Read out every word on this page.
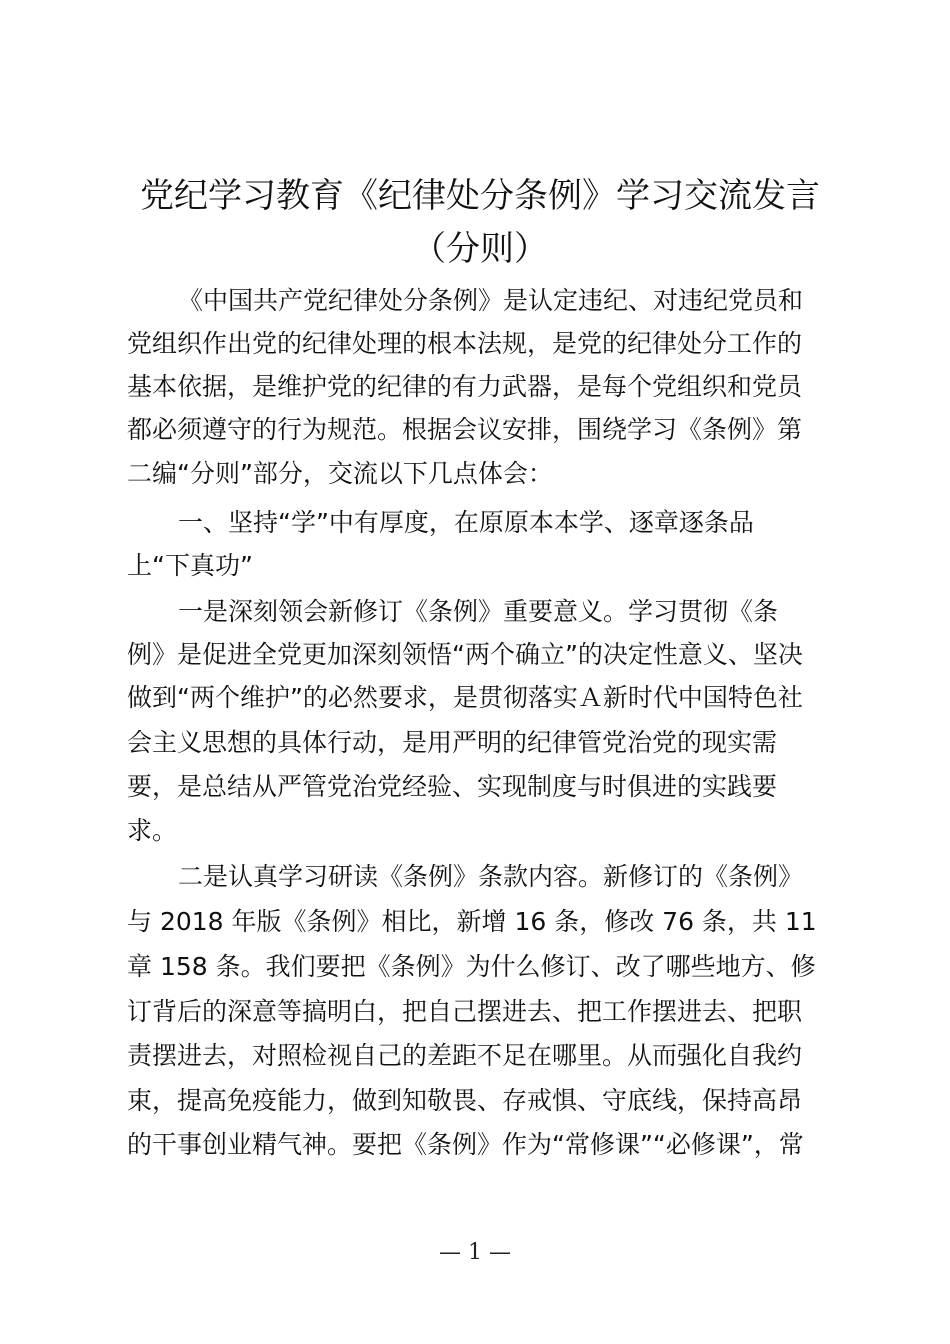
党纪学习教育《纪律处分条例》学习交流发言
（分则）

《中国共产党纪律处分条例》是认定违纪、对违纪党员和

党组织作出党的纪律处理的根本法规，是党的纪律处分工作的

基本依据，是维护党的纪律的有力武器，是每个党组织和党员

都必须遵守的行为规范。根据会议安排，围绕学习《条例》第

二编“分则”部分，交流以下几点体会：

一、坚持“学”中有厚度，在原原本本学、逐章逐条品

上“下真功”

一是深刻领会新修订《条例》重要意义。学习贯彻《条

例》是促进全党更加深刻领悟“两个确立”的决定性意义、坚决

做到“两个维护”的必然要求，是贯彻落实Ａ新时代中国特色社

会主义思想的具体行动，是用严明的纪律管党治党的现实需

要，是总结从严管党治党经验、实现制度与时俱进的实践要

求。

二是认真学习研读《条例》条款内容。新修订的《条例》

与 2018 年版《条例》相比，新增 16 条，修改 76 条，共 11

章 158 条。我们要把《条例》为什么修订、改了哪些地方、修

订背后的深意等搞明白，把自己摆进去、把工作摆进去、把职

责摆进去，对照检视自己的差距不足在哪里。从而强化自我约

束，提高免疫能力，做到知敬畏、存戒惧、守底线，保持高昂

的干事创业精气神。要把《条例》作为“常修课”“必修课”，常

— 1 —
